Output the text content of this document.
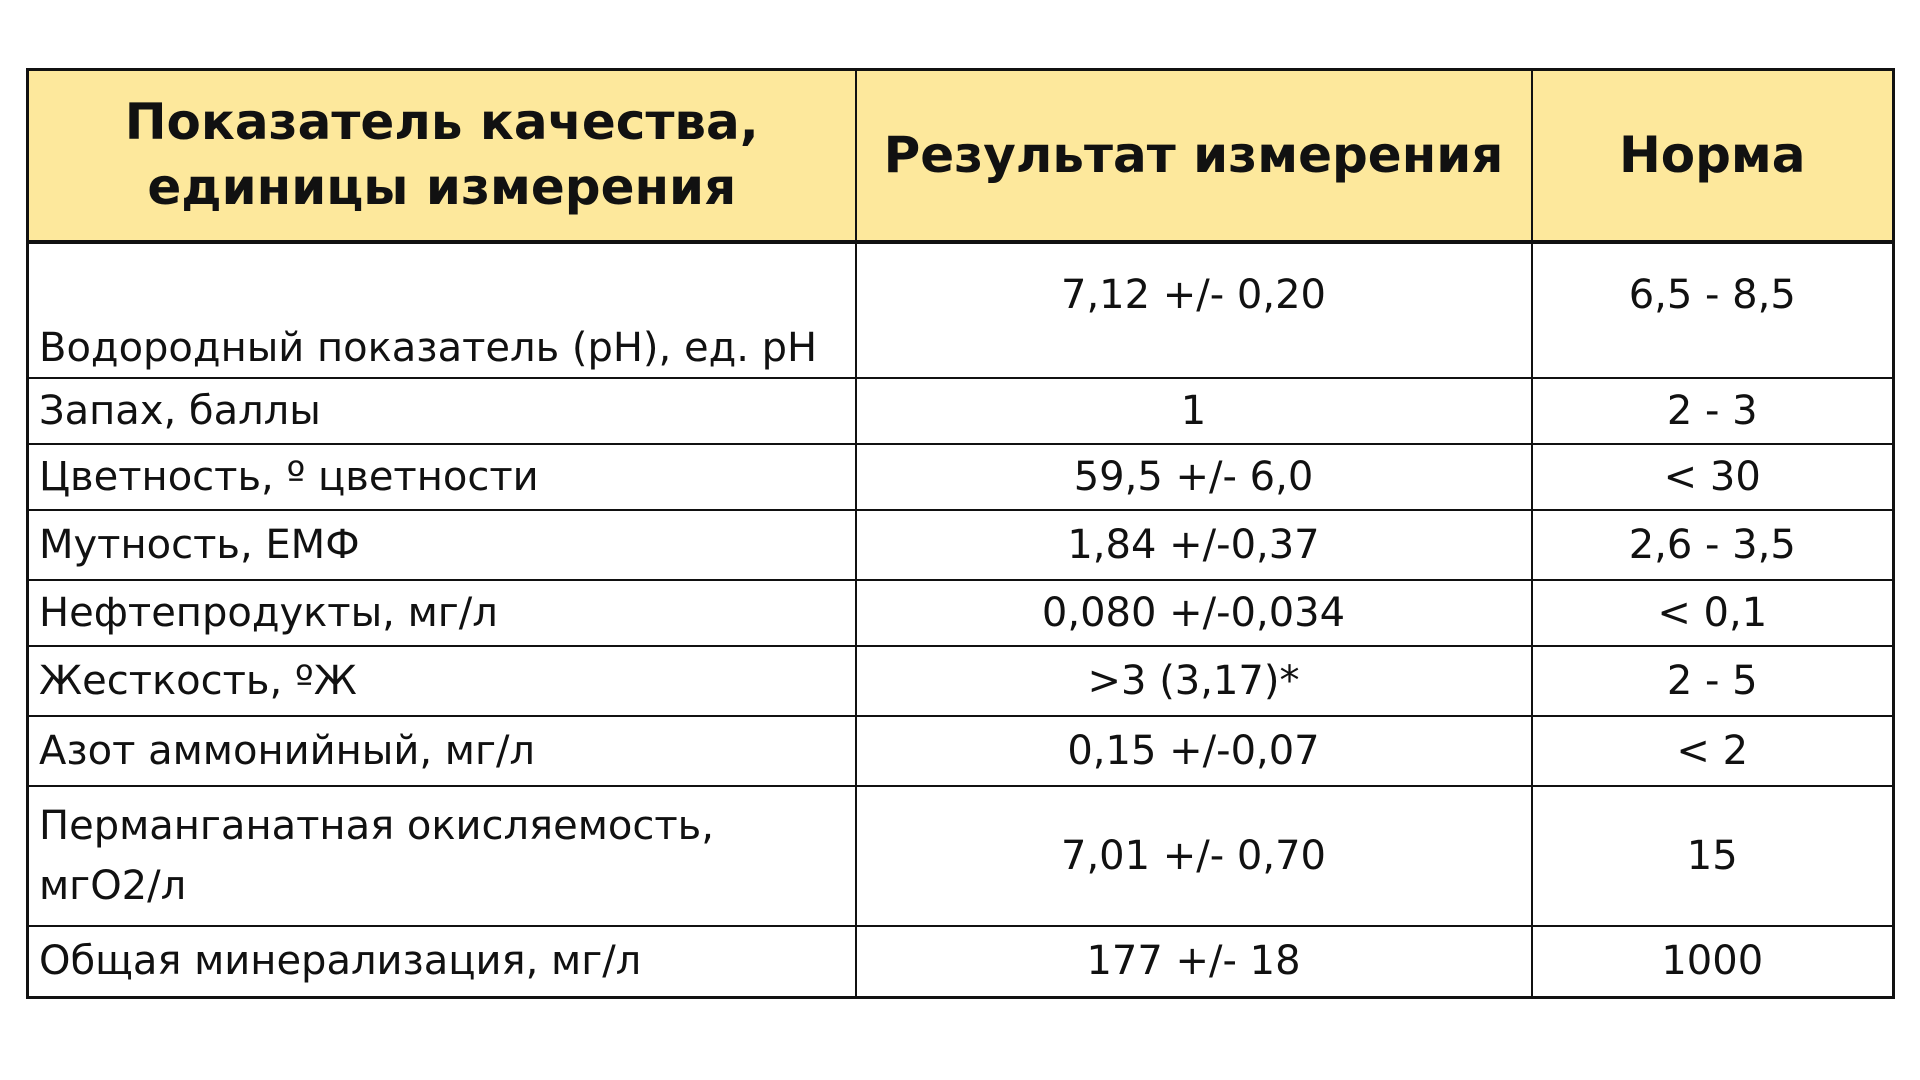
Показатель качества,
единицы измерения	Результат измерения	Норма
Водородный показатель (pH), ед. pH	7,12 +/- 0,20	6,5 - 8,5
Запах, баллы	1	2 - 3
Цветность, º цветности	59,5 +/- 6,0	< 30
Мутность, ЕМФ	1,84 +/-0,37	2,6 - 3,5
Нефтепродукты, мг/л	0,080 +/-0,034	< 0,1
Жесткость, ºЖ	>3 (3,17)*	2 - 5
Азот аммонийный, мг/л	0,15 +/-0,07	< 2

Перманганатная окисляемость,
мгО2/л	7,01 +/- 0,70	15
Общая минерализация, мг/л	177 +/- 18	1000
